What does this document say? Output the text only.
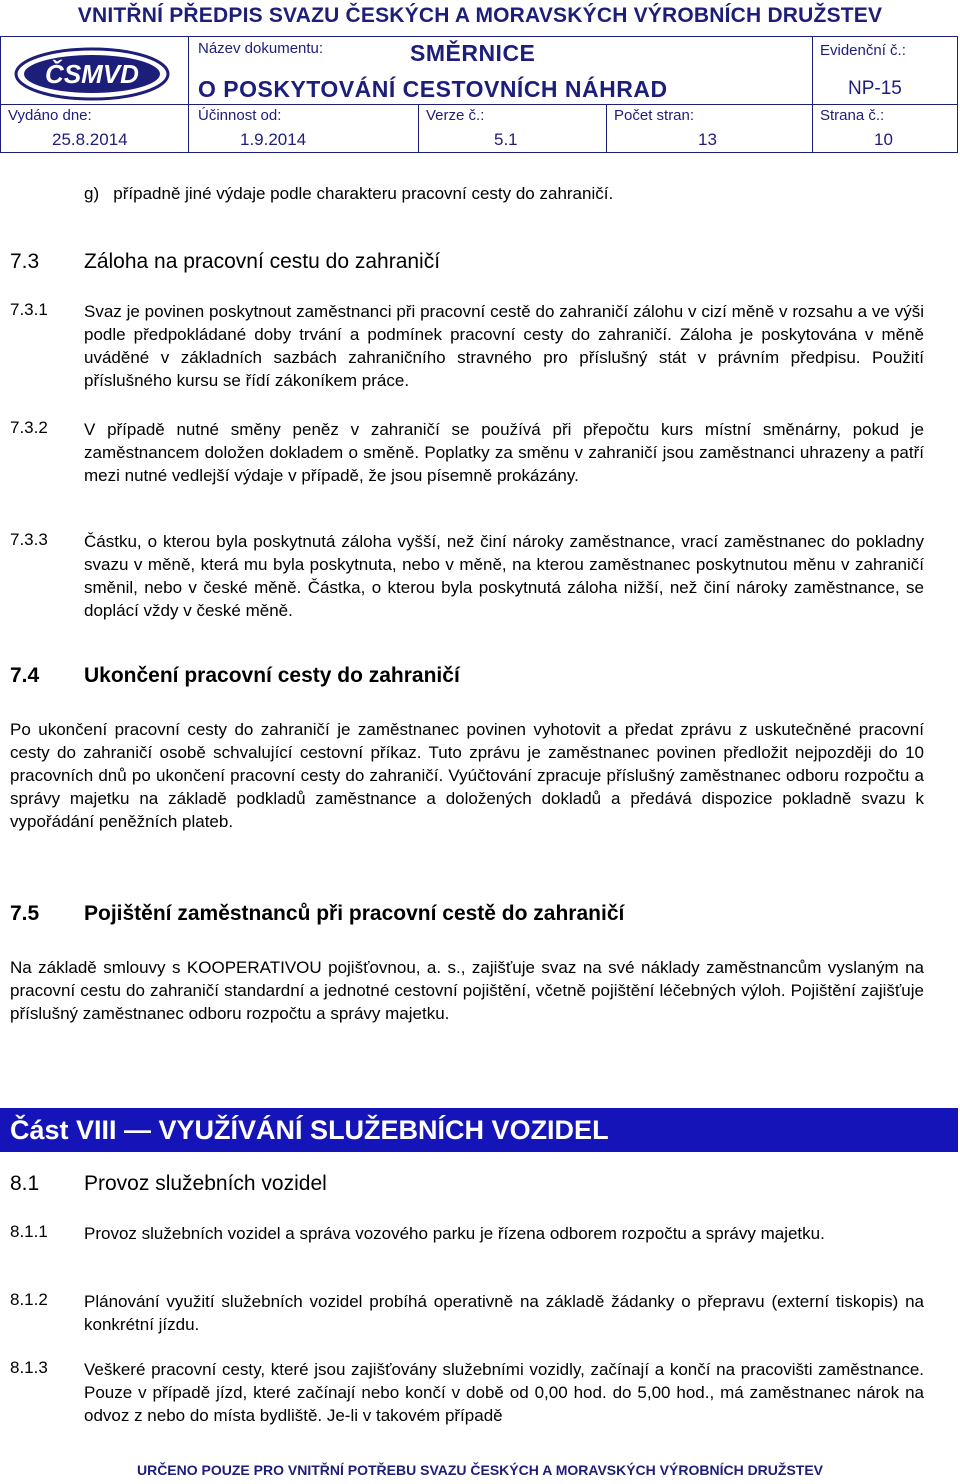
VNITŘNÍ PŘEDPIS SVAZU ČESKÝCH A MORAVSKÝCH VÝROBNÍCH DRUŽSTEV
ČSMVD
Název dokumentu:	SMĚRNICE
O POSKYTOVÁNÍ CESTOVNÍCH NÁHRAD
Evidenční č.:
NP-15
Vydáno dne:
25.8.2014
Účinnost od:
1.9.2014
Verze č.:
5.1
Počet stran:
13
Strana č.:
10
g)   případně jiné výdaje podle charakteru pracovní cesty do zahraničí.
7.3 Záloha na pracovní cestu do zahraničí
7.3.1 Svaz je povinen poskytnout zaměstnanci při pracovní cestě do zahraničí zálohu v cizí měně v rozsahu a ve výši podle předpokládané doby trvání a podmínek pracovní cesty do zahraničí. Záloha je poskytována v měně uváděné v základních sazbách zahraničního stravného pro příslušný stát v právním předpisu. Použití příslušného kursu se řídí zákoníkem práce.
7.3.2 V případě nutné směny peněz v zahraničí se používá při přepočtu kurs místní směnárny, pokud je zaměstnancem doložen dokladem o směně. Poplatky za směnu v zahraničí jsou zaměstnanci uhrazeny a patří mezi nutné vedlejší výdaje v případě, že jsou písemně prokázány.
7.3.3 Částku, o kterou byla poskytnutá záloha vyšší, než činí nároky zaměstnance, vrací zaměstnanec do pokladny svazu v měně, která mu byla poskytnuta, nebo v měně, na kterou zaměstnanec poskytnutou měnu v zahraničí směnil, nebo v české měně. Částka, o kterou byla poskytnutá záloha nižší, než činí nároky zaměstnance, se doplácí vždy v české měně.
7.4 Ukončení pracovní cesty do zahraničí
Po ukončení pracovní cesty do zahraničí je zaměstnanec povinen vyhotovit a předat zprávu z uskutečněné pracovní cesty do zahraničí osobě schvalující cestovní příkaz. Tuto zprávu je zaměstnanec povinen předložit nejpozději do 10 pracovních dnů po ukončení pracovní cesty do zahraničí. Vyúčtování zpracuje příslušný zaměstnanec odboru rozpočtu a správy majetku na základě podkladů zaměstnance a doložených dokladů a předává dispozice pokladně svazu k vypořádání peněžních plateb.
7.5 Pojištění zaměstnanců při pracovní cestě do zahraničí
Na základě smlouvy s KOOPERATIVOU pojišťovnou, a. s., zajišťuje svaz na své náklady zaměstnancům vyslaným na pracovní cestu do zahraničí standardní a jednotné cestovní pojištění, včetně pojištění léčebných výloh. Pojištění zajišťuje příslušný zaměstnanec odboru rozpočtu a správy majetku.
Část VIII — VYUŽÍVÁNÍ SLUŽEBNÍCH VOZIDEL
8.1 Provoz služebních vozidel
8.1.1 Provoz služebních vozidel a správa vozového parku je řízena odborem rozpočtu a správy majetku.
8.1.2 Plánování využití služebních vozidel probíhá operativně na základě žádanky o přepravu (externí tiskopis) na konkrétní jízdu.
8.1.3 Veškeré pracovní cesty, které jsou zajišťovány služebními vozidly, začínají a končí na pracovišti zaměstnance. Pouze v případě jízd, které začínají nebo končí v době od 0,00 hod. do 5,00 hod., má zaměstnanec nárok na odvoz z nebo do místa bydliště. Je-li v takovém případě
URČENO POUZE PRO VNITŘNÍ POTŘEBU SVAZU ČESKÝCH A MORAVSKÝCH VÝROBNÍCH DRUŽSTEV
